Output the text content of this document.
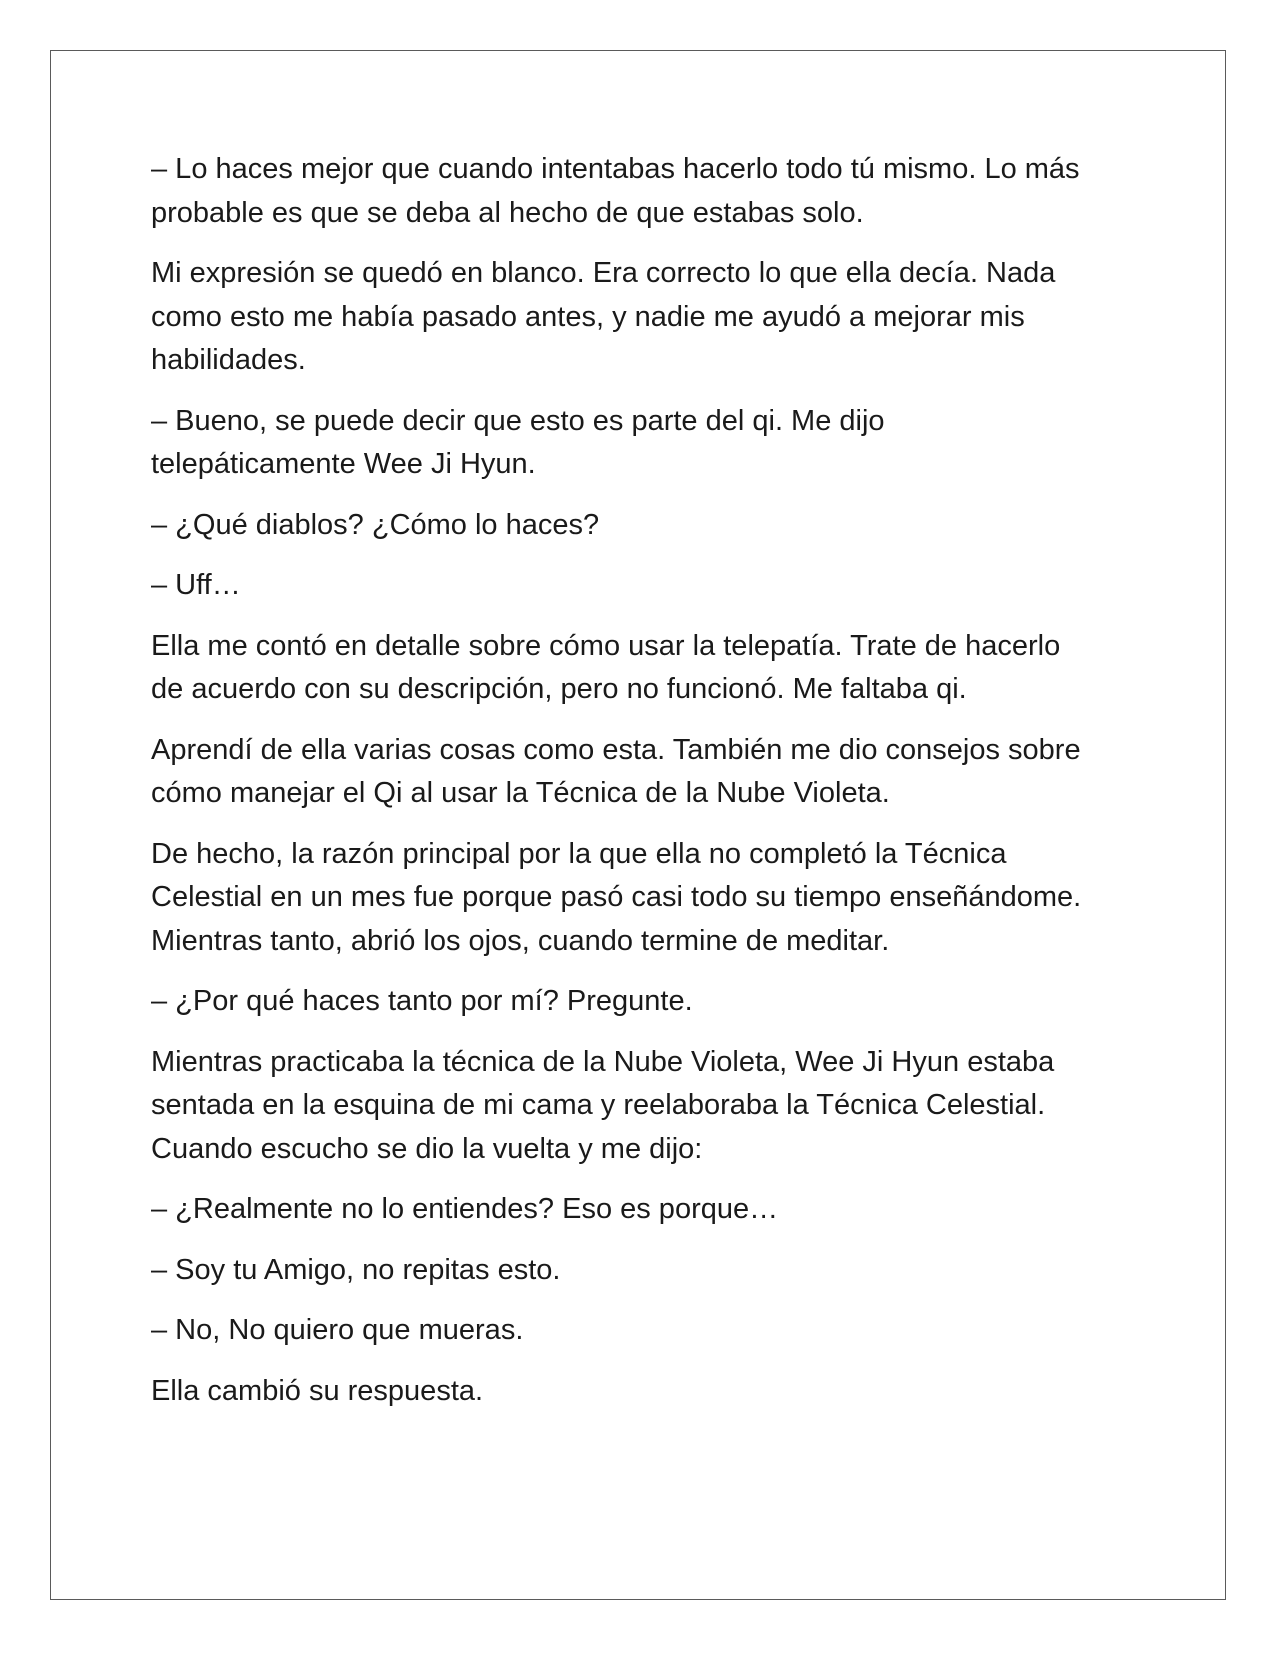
– Lo haces mejor que cuando intentabas hacerlo todo tú mismo. Lo más
probable es que se deba al hecho de que estabas solo.

Mi expresión se quedó en blanco. Era correcto lo que ella decía. Nada
como esto me había pasado antes, y nadie me ayudó a mejorar mis
habilidades.

– Bueno, se puede decir que esto es parte del qi. Me dijo
telepáticamente Wee Ji Hyun.

– ¿Qué diablos? ¿Cómo lo haces?

– Uff…

Ella me contó en detalle sobre cómo usar la telepatía. Trate de hacerlo
de acuerdo con su descripción, pero no funcionó. Me faltaba qi.

Aprendí de ella varias cosas como esta. También me dio consejos sobre
cómo manejar el Qi al usar la Técnica de la Nube Violeta.

De hecho, la razón principal por la que ella no completó la Técnica
Celestial en un mes fue porque pasó casi todo su tiempo enseñándome.
Mientras tanto, abrió los ojos, cuando termine de meditar.

– ¿Por qué haces tanto por mí? Pregunte.

Mientras practicaba la técnica de la Nube Violeta, Wee Ji Hyun estaba
sentada en la esquina de mi cama y reelaboraba la Técnica Celestial.
Cuando escucho se dio la vuelta y me dijo:

– ¿Realmente no lo entiendes? Eso es porque…

– Soy tu Amigo, no repitas esto.

– No, No quiero que mueras.

Ella cambió su respuesta.
